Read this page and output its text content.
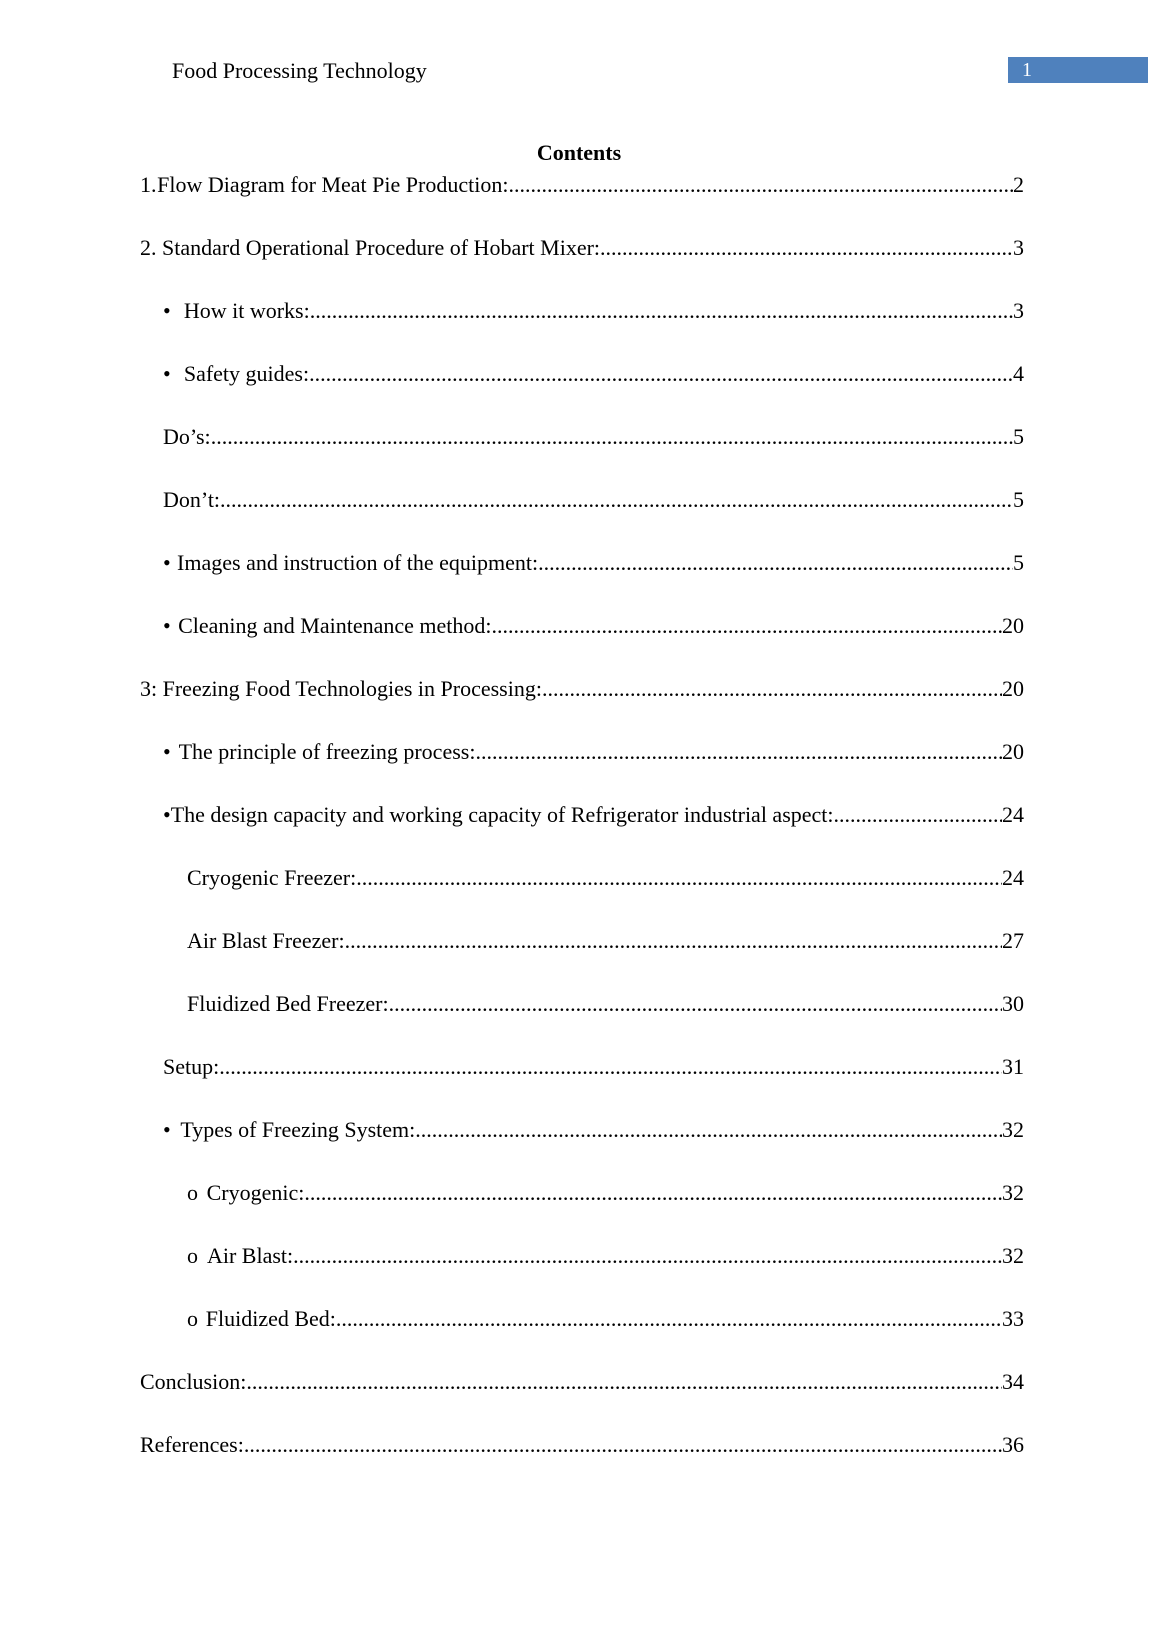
Food Processing Technology	1
Contents
1. Flow Diagram for Meat Pie Production: .....	2
2. Standard Operational Procedure of Hobart Mixer: .....	3
• How it works: .....	3
• Safety guides: .....	4
Do’s: .....	5
Don’t: .....	5
• Images and instruction of the equipment: .....	5
• Cleaning and Maintenance method: .....	20
3: Freezing Food Technologies in Processing: .....	20
• The principle of freezing process: .....	20
• The design capacity and working capacity of Refrigerator industrial aspect: .....	24
Cryogenic Freezer: .....	24
Air Blast Freezer: .....	27
Fluidized Bed Freezer: .....	30
Setup: .....	31
• Types of Freezing System: .....	32
o Cryogenic: .....	32
o Air Blast: .....	32
o Fluidized Bed: .....	33
Conclusion: .....	34
References: .....	36
